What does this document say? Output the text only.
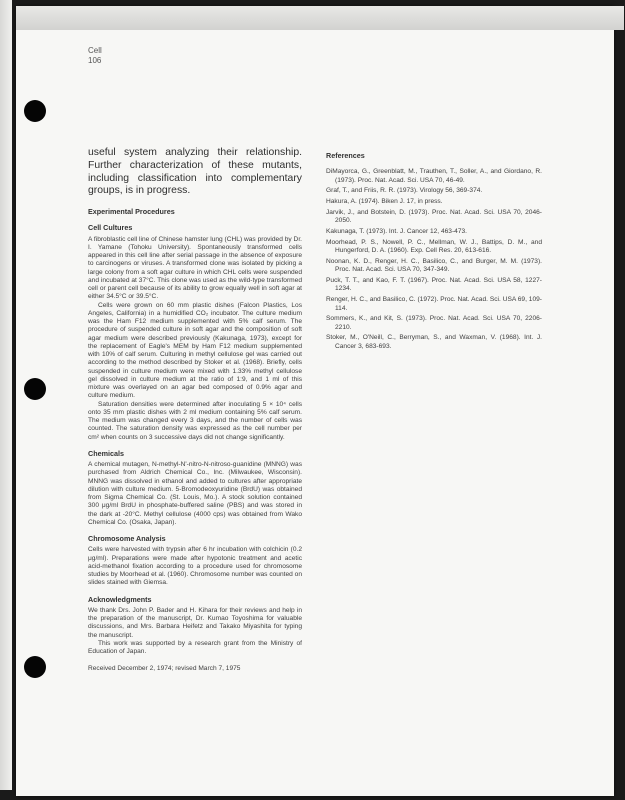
Cell
106

useful system analyzing their relationship. Further characterization of these mutants, including classification into complementary groups, is in progress.

Experimental Procedures
Cell Cultures

A fibroblastic cell line of Chinese hamster lung (CHL) was provided by Dr. I. Yamane (Tohoku University). Spontaneously transformed cells appeared in this cell line after serial passage in the absence of exposure to carcinogens or viruses. A transformed clone was isolated by picking a large colony from a soft agar culture in which CHL cells were suspended and incubated at 37°C. This clone was used as the wild-type transformed cell or parent cell because of its ability to grow equally well in soft agar at either 34.5°C or 39.5°C.

Cells were grown on 60 mm plastic dishes (Falcon Plastics, Los Angeles, California) in a humidified CO₂ incubator. The culture medium was the Ham F12 medium supplemented with 5% calf serum. The procedure of suspended culture in soft agar and the composition of soft agar medium were described previously (Kakunaga, 1973), except for the replacement of Eagle's MEM by Ham F12 medium supplemented with 10% of calf serum. Culturing in methyl cellulose gel was carried out according to the method described by Stoker et al. (1968). Briefly, cells suspended in culture medium were mixed with 1.33% methyl cellulose gel dissolved in culture medium at the ratio of 1:9, and 1 ml of this mixture was overlayed on an agar bed composed of 0.9% agar and culture medium.

Saturation densities were determined after inoculating 5 × 10⁴ cells onto 35 mm plastic dishes with 2 ml medium containing 5% calf serum. The medium was changed every 3 days, and the number of cells was counted. The saturation density was expressed as the cell number per cm² when counts on 3 successive days did not change significantly.

Chemicals

A chemical mutagen, N-methyl-N'-nitro-N-nitroso-guanidine (MNNG) was purchased from Aldrich Chemical Co., Inc. (Milwaukee, Wisconsin). MNNG was dissolved in ethanol and added to cultures after appropriate dilution with culture medium. 5-Bromodeoxyuridine (BrdU) was obtained from Sigma Chemical Co. (St. Louis, Mo.). A stock solution contained 300 μg/ml BrdU in phosphate-buffered saline (PBS) and was stored in the dark at -20°C. Methyl cellulose (4000 cps) was obtained from Wako Chemical Co. (Osaka, Japan).

Chromosome Analysis

Cells were harvested with trypsin after 6 hr incubation with colchicin (0.2 μg/ml). Preparations were made after hypotonic treatment and acetic acid-methanol fixation according to a procedure used for chromosome studies by Moorhead et al. (1960). Chromosome number was counted on slides stained with Giemsa.

Acknowledgments

We thank Drs. John P. Bader and H. Kihara for their reviews and help in the preparation of the manuscript, Dr. Kumao Toyoshima for valuable discussions, and Mrs. Barbara Heifetz and Takako Miyashita for typing the manuscript.

This work was supported by a research grant from the Ministry of Education of Japan.

Received December 2, 1974; revised March 7, 1975

References

DiMayorca, G., Greenblatt, M., Trauthen, T., Soller, A., and Giordano, R. (1973). Proc. Nat. Acad. Sci. USA 70, 46-49.

Graf, T., and Friis, R. R. (1973). Virology 56, 369-374.

Hakura, A. (1974). Biken J. 17, in press.

Jarvik, J., and Botstein, D. (1973). Proc. Nat. Acad. Sci. USA 70, 2046-2050.

Kakunaga, T. (1973). Int. J. Cancer 12, 463-473.

Moorhead, P. S., Nowell, P. C., Mellman, W. J., Battips, D. M., and Hungerford, D. A. (1960). Exp. Cell Res. 20, 613-616.

Noonan, K. D., Renger, H. C., Basilico, C., and Burger, M. M. (1973). Proc. Nat. Acad. Sci. USA 70, 347-349.

Puck, T. T., and Kao, F. T. (1967). Proc. Nat. Acad. Sci. USA 58, 1227-1234.

Renger, H. C., and Basilico, C. (1972). Proc. Nat. Acad. Sci. USA 69, 109-114.

Sommers, K., and Kit, S. (1973). Proc. Nat. Acad. Sci. USA 70, 2206-2210.

Stoker, M., O'Neill, C., Berryman, S., and Waxman, V. (1968). Int. J. Cancer 3, 683-693.
